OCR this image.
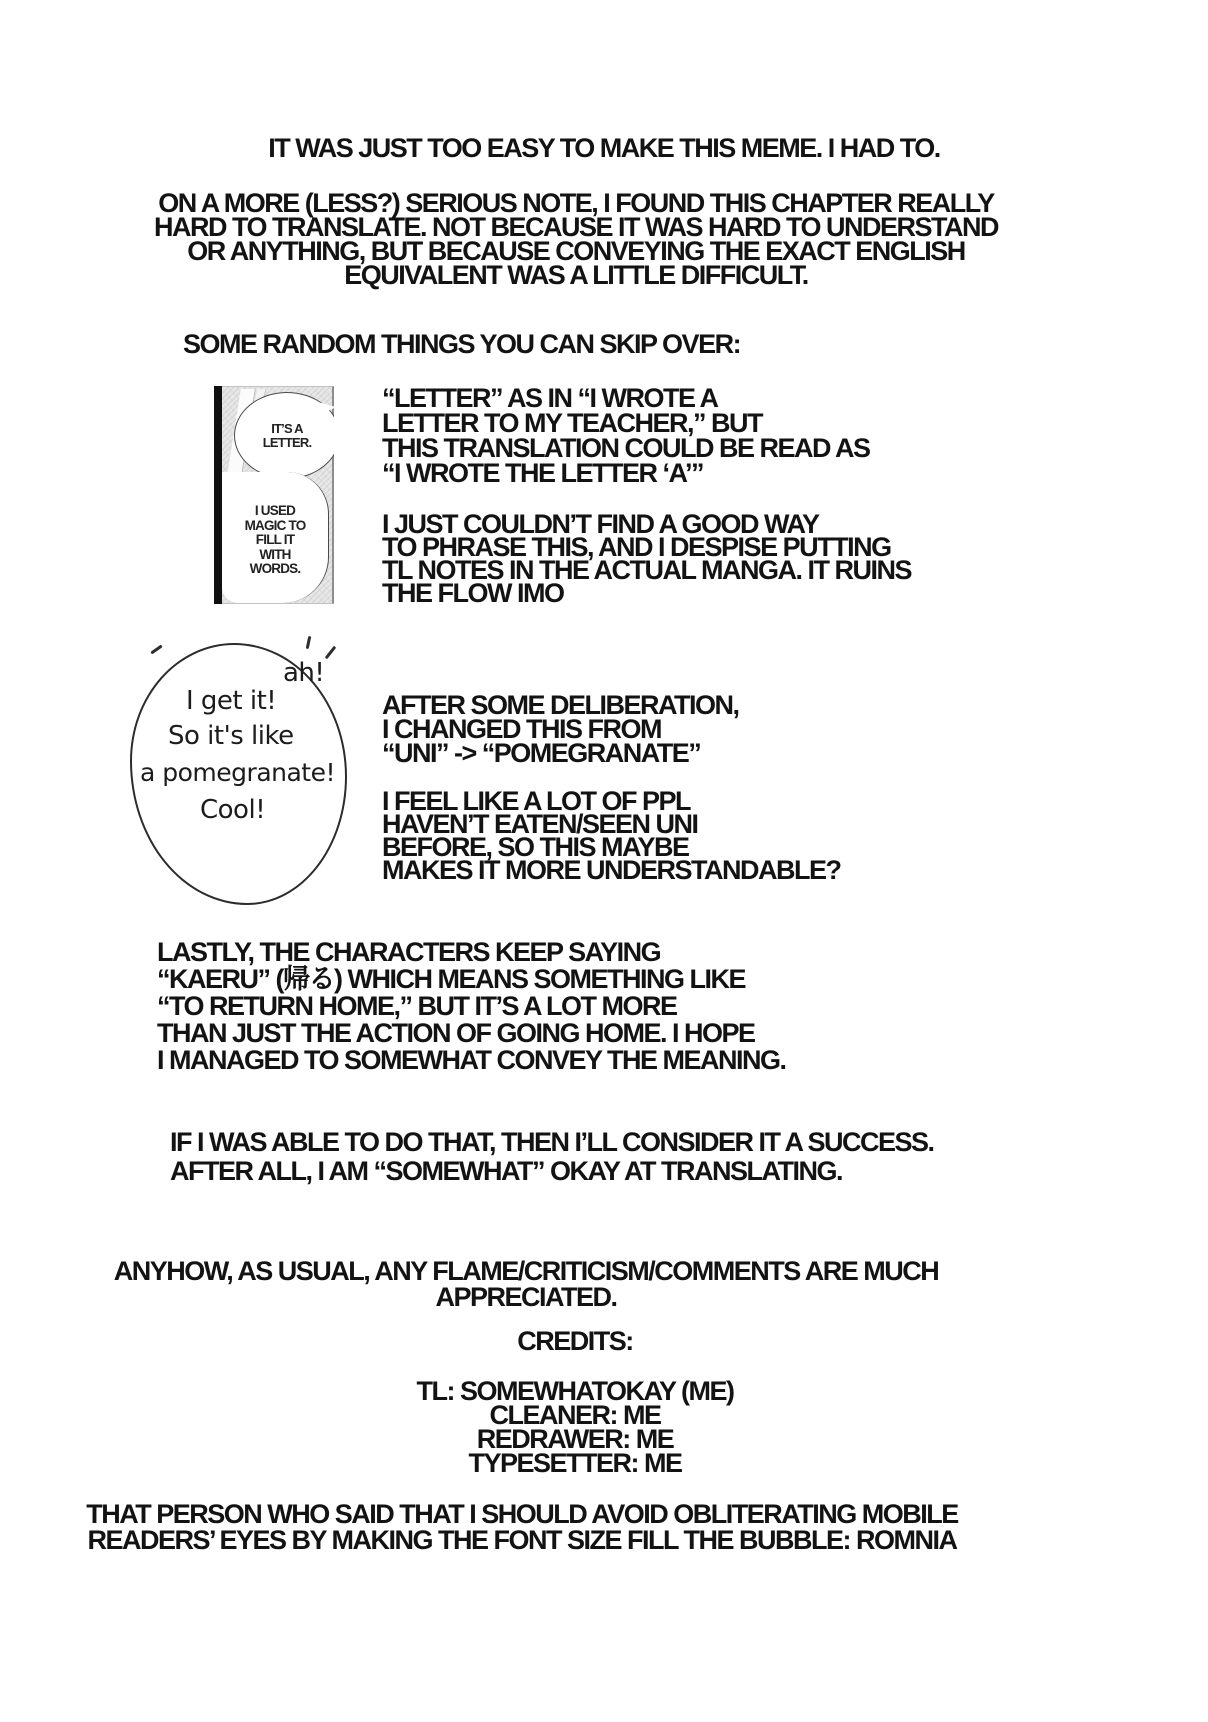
IT WAS JUST TOO EASY TO MAKE THIS MEME. I HAD TO.
ON A MORE (LESS?) SERIOUS NOTE, I FOUND THIS CHAPTER REALLY
HARD TO TRANSLATE. NOT BECAUSE IT WAS HARD TO UNDERSTAND
OR ANYTHING, BUT BECAUSE CONVEYING THE EXACT ENGLISH
EQUIVALENT WAS A LITTLE DIFFICULT.
SOME RANDOM THINGS YOU CAN SKIP OVER:
IT’S A
LETTER.
I USED
MAGIC TO
FILL IT
WITH
WORDS.
“LETTER” AS IN “I WROTE A
LETTER TO MY TEACHER,” BUT
THIS TRANSLATION COULD BE READ AS
“I WROTE THE LETTER ‘A’”
I JUST COULDN’T FIND A GOOD WAY
TO PHRASE THIS, AND I DESPISE PUTTING
TL NOTES IN THE ACTUAL MANGA. IT RUINS
THE FLOW IMO
ah!
I get it!
So it's like
a pomegranate!
Cool!
AFTER SOME DELIBERATION,
I CHANGED THIS FROM
“UNI” -> “POMEGRANATE”
I FEEL LIKE A LOT OF PPL
HAVEN’T EATEN/SEEN UNI
BEFORE, SO THIS MAYBE
MAKES IT MORE UNDERSTANDABLE?
LASTLY, THE CHARACTERS KEEP SAYING
“KAERU” (帰る) WHICH MEANS SOMETHING LIKE
“TO RETURN HOME,” BUT IT’S A LOT MORE
THAN JUST THE ACTION OF GOING HOME. I HOPE
I MANAGED TO SOMEWHAT CONVEY THE MEANING.
IF I WAS ABLE TO DO THAT, THEN I’LL CONSIDER IT A SUCCESS.
AFTER ALL, I AM “SOMEWHAT” OKAY AT TRANSLATING.
ANYHOW, AS USUAL, ANY FLAME/CRITICISM/COMMENTS ARE MUCH
APPRECIATED.
CREDITS:
TL: SOMEWHATOKAY (ME)
CLEANER: ME
REDRAWER: ME
TYPESETTER: ME
THAT PERSON WHO SAID THAT I SHOULD AVOID OBLITERATING MOBILE
READERS’ EYES BY MAKING THE FONT SIZE FILL THE BUBBLE: ROMNIA
